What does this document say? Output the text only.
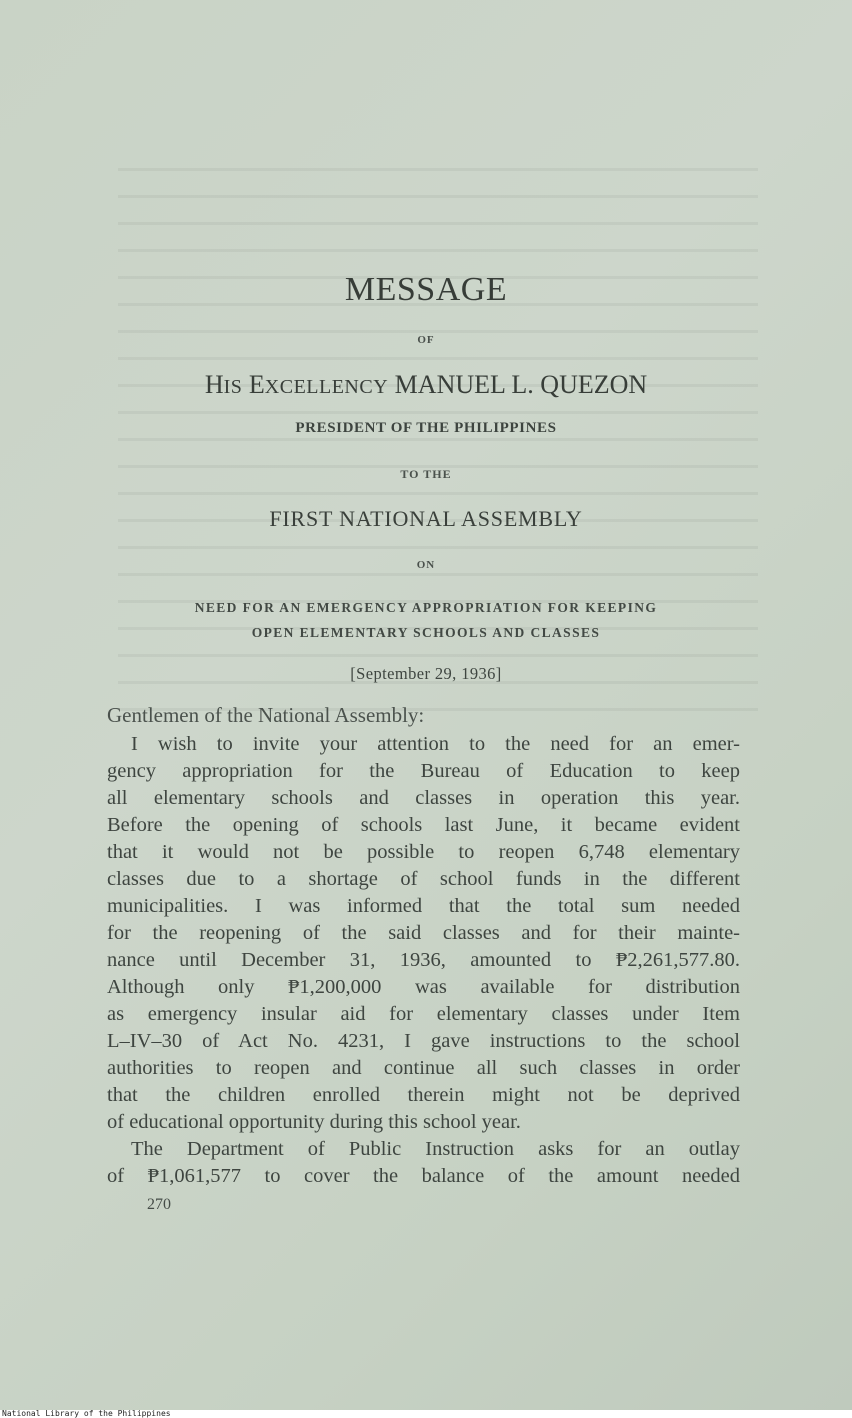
MESSAGE
OF
HIS EXCELLENCY MANUEL L. QUEZON
PRESIDENT OF THE PHILIPPINES
TO THE
FIRST NATIONAL ASSEMBLY
ON
NEED FOR AN EMERGENCY APPROPRIATION FOR KEEPING
OPEN ELEMENTARY SCHOOLS AND CLASSES
[September 29, 1936]
Gentlemen of the National Assembly:
I wish to invite your attention to the need for an emer-
gency appropriation for the Bureau of Education to keep
all elementary schools and classes in operation this year.
Before the opening of schools last June, it became evident
that it would not be possible to reopen 6,748 elementary
classes due to a shortage of school funds in the different
municipalities. I was informed that the total sum needed
for the reopening of the said classes and for their mainte-
nance until December 31, 1936, amounted to ₱2,261,577.80.
Although only ₱1,200,000 was available for distribution
as emergency insular aid for elementary classes under Item
L–IV–30 of Act No. 4231, I gave instructions to the school
authorities to reopen and continue all such classes in order
that the children enrolled therein might not be deprived
of educational opportunity during this school year.
The Department of Public Instruction asks for an outlay
of ₱1,061,577 to cover the balance of the amount needed
270
National Library of the Philippines
